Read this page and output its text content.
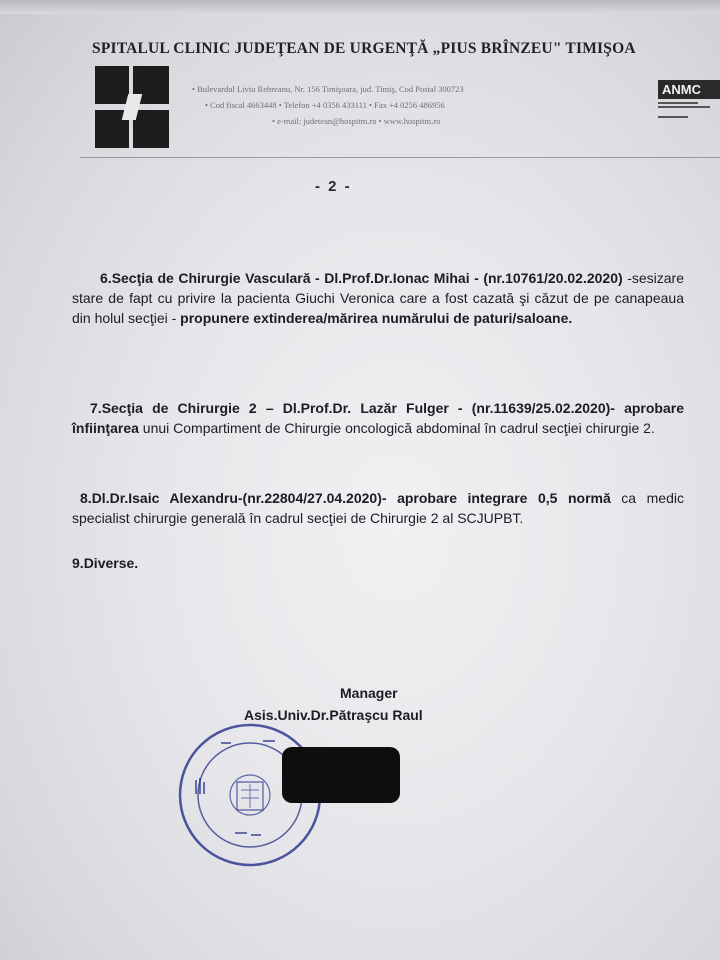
SPITALUL CLINIC JUDEŢEAN DE URGENŢĂ „PIUS BRÎNZEU" TIMIŞOA
• Bulevardul Liviu Rebreanu, Nr. 156 Timişoara, jud. Timiş, Cod Postal 300723
• Cod fiscal 4663448 • Telefon +4 0356 433111 • Fax +4 0256 486956
• e-mail: judetean@hospitm.ro • www.hospitm.ro
ANMC
- 2 -
6.Secţia de Chirurgie Vasculară - Dl.Prof.Dr.Ionac Mihai - (nr.10761/20.02.2020) -sesizare stare de fapt cu privire la pacienta Giuchi Veronica care a fost cazată şi căzut de pe canapeaua din holul secţiei - propunere extinderea/mărirea numărului de paturi/saloane.
7.Secţia de Chirurgie 2 – Dl.Prof.Dr. Lazăr Fulger - (nr.11639/25.02.2020)- aprobare înfiinţarea unui Compartiment de Chirurgie oncologică abdominal în cadrul secţiei chirurgie 2.
8.Dl.Dr.Isaic Alexandru-(nr.22804/27.04.2020)- aprobare integrare 0,5 normă ca medic specialist chirurgie generală în cadrul secţiei de Chirurgie 2 al SCJUPBT.
9.Diverse.
Manager
Asis.Univ.Dr.Pătraşcu Raul
